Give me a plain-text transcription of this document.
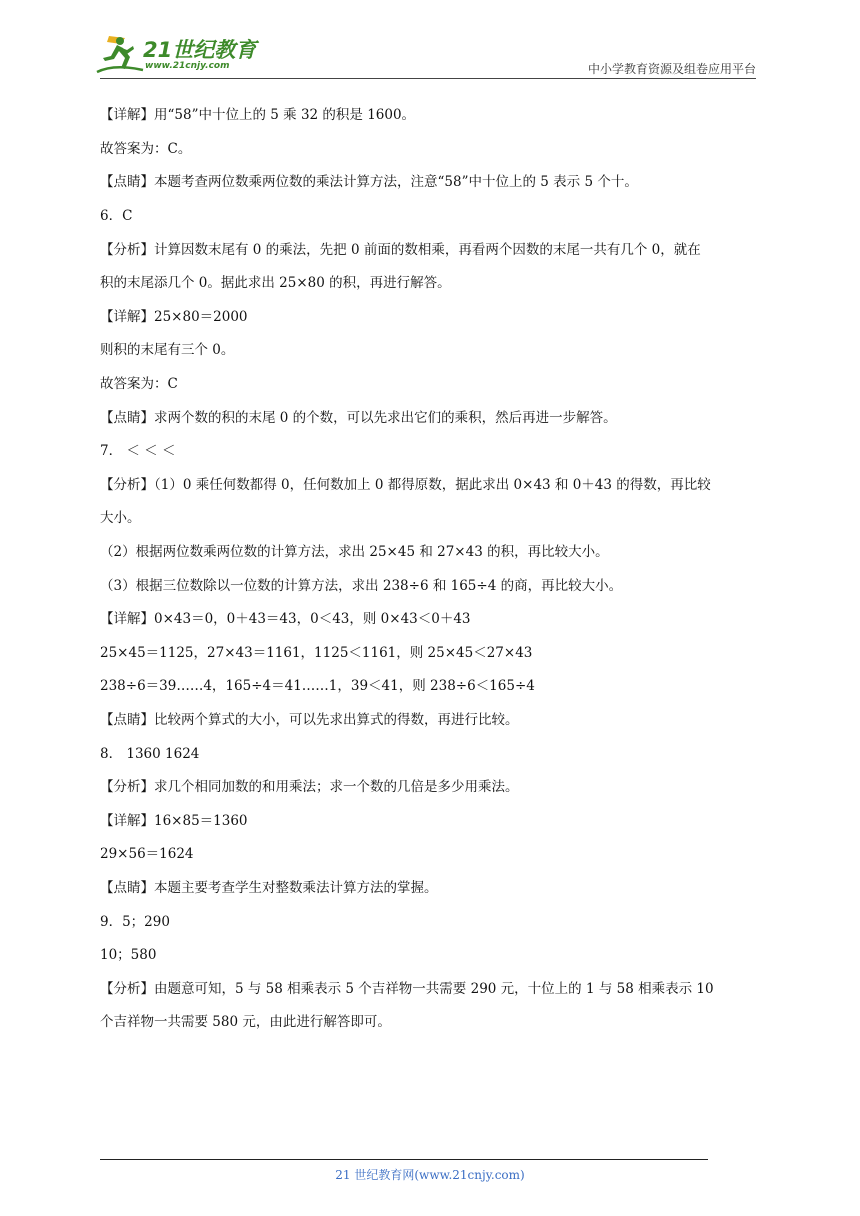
21世纪教育
www.21cnjy.com	中小学教育资源及组卷应用平台
【详解】用“58”中十位上的 5 乘 32 的积是 1600。
故答案为：C。
【点睛】本题考查两位数乘两位数的乘法计算方法，注意“58”中十位上的 5 表示 5 个十。
6．C
【分析】计算因数末尾有 0 的乘法，先把 0 前面的数相乘，再看两个因数的末尾一共有几个 0，就在
积的末尾添几个 0。据此求出 25×80 的积，再进行解答。
【详解】25×80＝2000
则积的末尾有三个 0。
故答案为：C
【点睛】求两个数的积的末尾 0 的个数，可以先求出它们的乘积，然后再进一步解答。
7． ＜ ＜ ＜
【分析】（1）0 乘任何数都得 0，任何数加上 0 都得原数，据此求出 0×43 和 0＋43 的得数，再比较
大小。
（2）根据两位数乘两位数的计算方法，求出 25×45 和 27×43 的积，再比较大小。
（3）根据三位数除以一位数的计算方法，求出 238÷6 和 165÷4 的商，再比较大小。
【详解】0×43＝0，0＋43＝43，0＜43，则 0×43＜0＋43
25×45＝1125，27×43＝1161，1125＜1161，则 25×45＜27×43
238÷6＝39……4，165÷4＝41……1，39＜41，则 238÷6＜165÷4
【点睛】比较两个算式的大小，可以先求出算式的得数，再进行比较。
8． 1360 1624
【分析】求几个相同加数的和用乘法；求一个数的几倍是多少用乘法。
【详解】16×85＝1360
29×56＝1624
【点睛】本题主要考查学生对整数乘法计算方法的掌握。
9．5；290
10；580
【分析】由题意可知，5 与 58 相乘表示 5 个吉祥物一共需要 290 元，十位上的 1 与 58 相乘表示 10
个吉祥物一共需要 580 元，由此进行解答即可。
21 世纪教育网(www.21cnjy.com)
